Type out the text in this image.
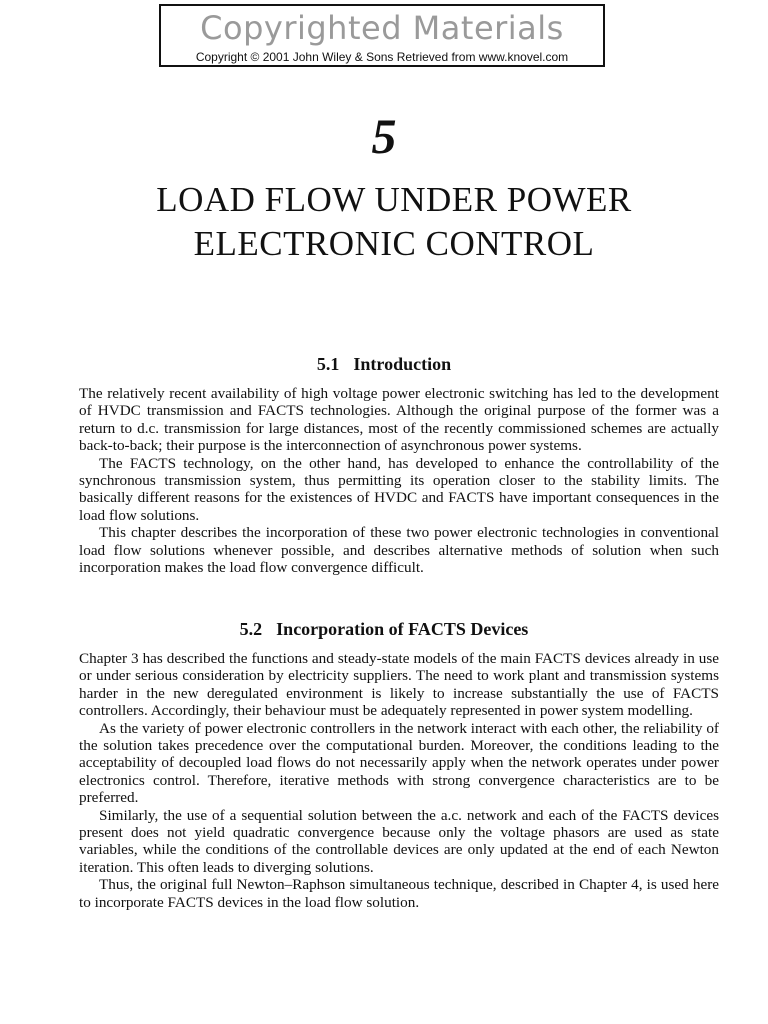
Copyrighted Materials
Copyright © 2001 John Wiley & Sons Retrieved from www.knovel.com
5
LOAD FLOW UNDER POWER
ELECTRONIC CONTROL
5.1 Introduction

The relatively recent availability of high voltage power electronic switching has led to the development of HVDC transmission and FACTS technologies. Although the original purpose of the former was a return to d.c. transmission for large distances, most of the recently commissioned schemes are actually back-to-back; their purpose is the interconnection of asynchronous power systems.

The FACTS technology, on the other hand, has developed to enhance the controllability of the synchronous transmission system, thus permitting its operation closer to the stability limits. The basically different reasons for the existences of HVDC and FACTS have important consequences in the load flow solutions.

This chapter describes the incorporation of these two power electronic technologies in conventional load flow solutions whenever possible, and describes alternative methods of solution when such incorporation makes the load flow convergence difficult.

5.2 Incorporation of FACTS Devices

Chapter 3 has described the functions and steady-state models of the main FACTS devices already in use or under serious consideration by electricity suppliers. The need to work plant and transmission systems harder in the new deregulated environment is likely to increase substantially the use of FACTS controllers. Accordingly, their behaviour must be adequately represented in power system modelling.

As the variety of power electronic controllers in the network interact with each other, the reliability of the solution takes precedence over the computational burden. Moreover, the conditions leading to the acceptability of decoupled load flows do not necessarily apply when the network operates under power electronics control. Therefore, iterative methods with strong convergence characteristics are to be preferred.

Similarly, the use of a sequential solution between the a.c. network and each of the FACTS devices present does not yield quadratic convergence because only the voltage phasors are used as state variables, while the conditions of the controllable devices are only updated at the end of each Newton iteration. This often leads to diverging solutions.

Thus, the original full Newton–Raphson simultaneous technique, described in Chapter 4, is used here to incorporate FACTS devices in the load flow solution.
